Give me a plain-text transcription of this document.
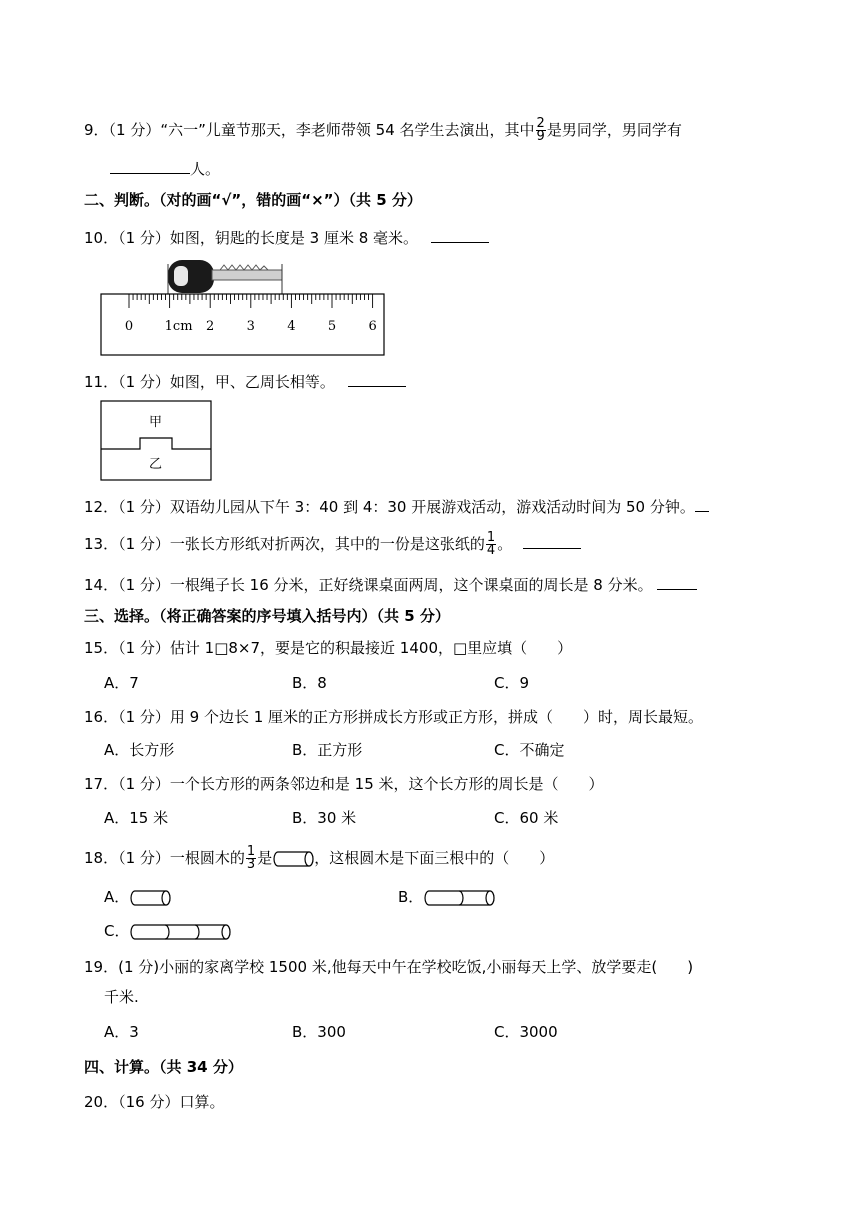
9．（1 分）“六一”儿童节那天，李老师带领 54 名学生去演出，其中 $\frac{2}{9}$ 是男同学，男同学有
人。
二、判断。（对的画“√”，错的画“×”）（共 5 分）
10．（1 分）如图，钥匙的长度是 3 厘米 8 毫米。
0 1cm 2 3 4 5 6
11．（1 分）如图，甲、乙周长相等。
甲
乙
12．（1 分）双语幼儿园从下午 3：40 到 4：30 开展游戏活动，游戏活动时间为 50 分钟。
13．（1 分）一张长方形纸对折两次，其中的一份是这张纸的 $\frac{1}{4}$ 。
14．（1 分）一根绳子长 16 分米，正好绕课桌面两周，这个课桌面的周长是 8 分米。
三、选择。（将正确答案的序号填入括号内）（共 5 分）
15．（1 分）估计 1□8×7，要是它的积最接近 1400，□里应填（　　）
A．7	B．8	C．9
16．（1 分）用 9 个边长 1 厘米的正方形拼成长方形或正方形，拼成（　　）时，周长最短。
A．长方形	B．正方形	C．不确定
17．（1 分）一个长方形的两条邻边和是 15 米，这个长方形的周长是（　　）
A．15 米	B．30 米	C．60 米
18．（1 分）一根圆木的 $\frac{1}{3}$ 是	，这根圆木是下面三根中的（　　）
A．	B．
C．
19．(1 分)小丽的家离学校 1500 米,他每天中午在学校吃饭,小丽每天上学、放学要走(　　)
千米.
A．3	B．300	C．3000
四、计算。（共 34 分）
20．（16 分）口算。
